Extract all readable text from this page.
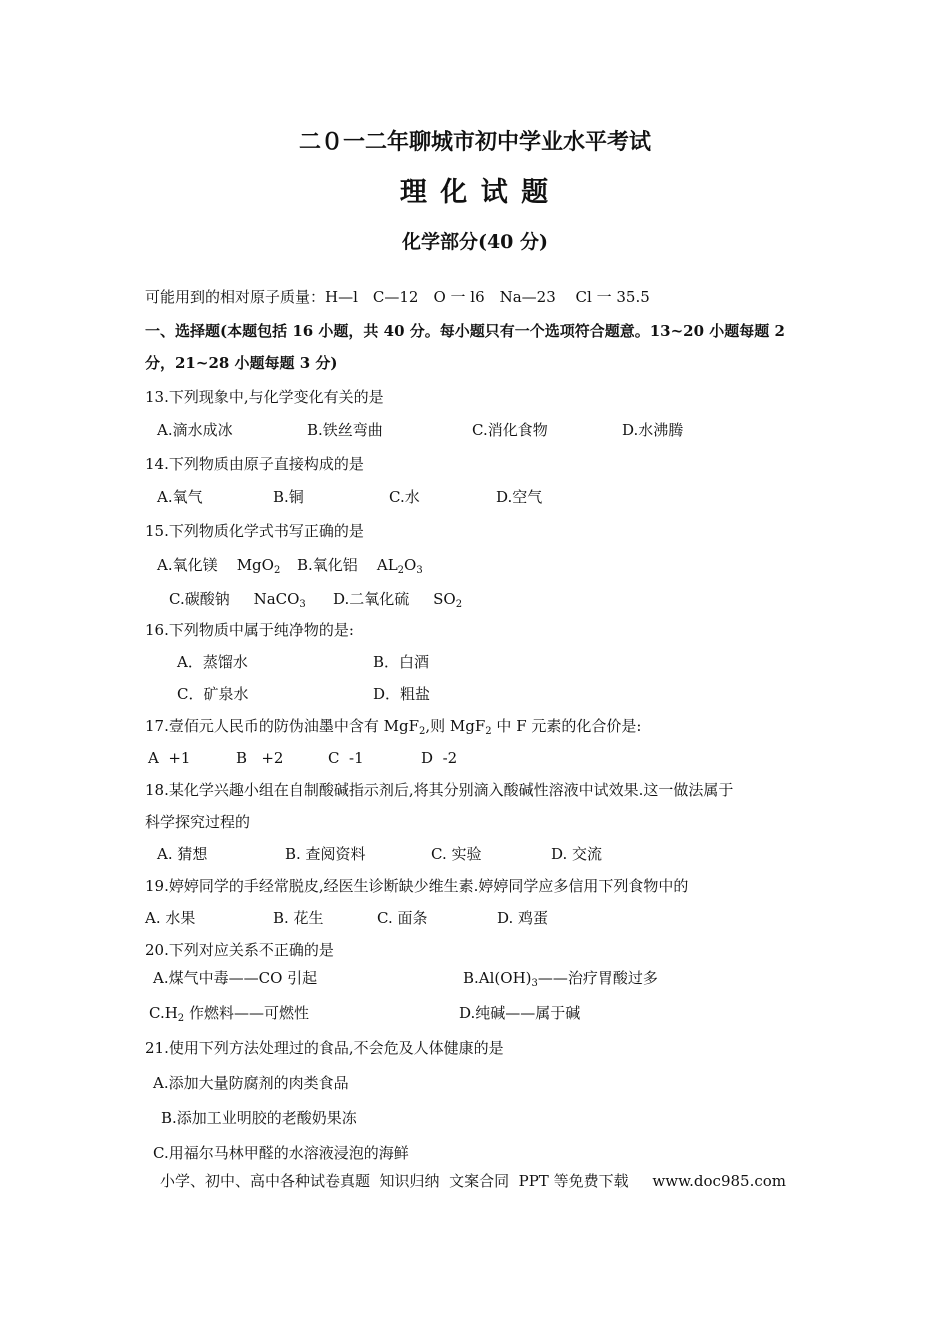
二０一二年聊城市初中学业水平考试
理 化 试 题
化学部分(40 分)
可能用到的相对原子质量：H—l　C—12　O 一 l6　Na—23　 Cl 一 35.5
一、选择题(本题包括 16 小题，共 40 分。每小题只有一个选项符合题意。13~20 小题每题 2
分，21~28 小题每题 3 分)
13.下列现象中,与化学变化有关的是
A.滴水成冰	B.铁丝弯曲	C.消化食物	D.水沸腾
14.下列物质由原子直接构成的是
A.氧气	B.铜	C.水	D.空气
15.下列物质化学式书写正确的是
A.氧化镁 MgO$_2$ B.氧化铝 $AL_2O_3$
C.碳酸钠 NaCO$_3$ D.二氧化硫 $SO_2$
16.下列物质中属于纯净物的是:
A．蒸馏水	B．白酒
C．矿泉水	D．粗盐
17.壹佰元人民币的防伪油墨中含有 MgF$_2$,则 MgF$_2$ 中 F 元素的化合价是:
A  +1	B   +2	C  -1	D  -2
18.某化学兴趣小组在自制酸碱指示剂后,将其分别滴入酸碱性溶液中试效果.这一做法属于
科学探究过程的
A. 猜想	B. 查阅资料	C. 实验	D. 交流
19.婷婷同学的手经常脱皮,经医生诊断缺少维生素.婷婷同学应多信用下列食物中的
A. 水果	B. 花生	C. 面条	D. 鸡蛋
20.下列对应关系不正确的是
A.煤气中毒——CO 引起	$B.Al(OH)_3——$治疗胃酸过多
$C.H_2$ 作燃料——可燃性	D.纯碱——属于碱
21.使用下列方法处理过的食品,不会危及人体健康的是
A.添加大量防腐剂的肉类食品
B.添加工业明胶的老酸奶果冻
C.用福尔马林甲醛的水溶液浸泡的海鲜
小学、初中、高中各种试卷真题  知识归纳  文案合同  PPT 等免费下载     www.doc985.com
